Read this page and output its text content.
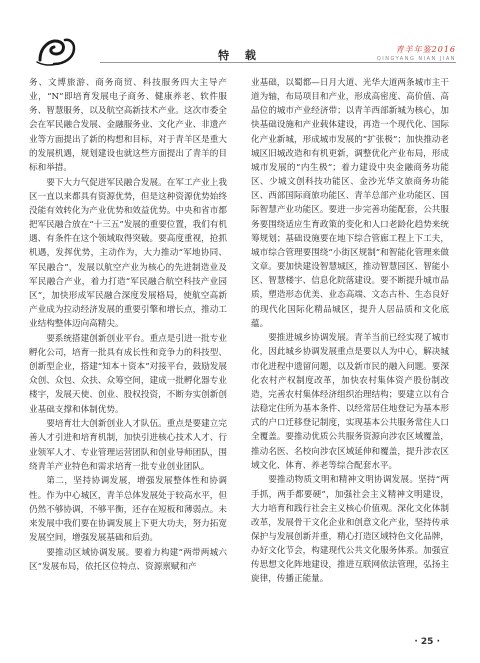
特 载	青羊年鉴2016
QINGYANG NIAN JIAN

务、文博旅游、商务商贸、科技服务四大主导产业，“N”即培育发展电子商务、健康养老、软件服务、智慧服务，以及航空高新技术产业。这次市委全会在军民融合发展、金融服务业、文化产业、非遗产业等方面提出了新的构想和目标，对于青羊区是重大的发展机遇，规划建设也就这些方面提出了青羊的目标和举措。

要下大力气促进军民融合发展。在军工产业上我区一直以来都具有资源优势，但是这种资源优势始终没能有效转化为产业优势和效益优势。中央和省市都把军民融合放在“十三五”发展的重要位置，我们有机遇、有条件在这个领域取得突破。要高度重视，抢抓机遇，发挥优势，主动作为，大力推动“军地协同、军民融合”，发展以航空产业为核心的先进制造业及军民融合产业，着力打造“军民融合航空科技产业园区”，加快形成军民融合深度发展格局，使航空高新产业成为拉动经济发展的重要引擎和增长点，推动工业结构整体迈向高精尖。

要系统搭建创新创业平台。重点是引进一批专业孵化公司，培育一批具有成长性和竞争力的科技型、创新型企业，搭建“知本＋资本”对接平台，鼓励发展众创、众包、众扶、众筹空间，建成一批孵化器专业楼宇，发展天使、创业、股权投资，不断夯实创新创业基础支撑和体制优势。

要培育壮大创新创业人才队伍。重点是要建立完善人才引进和培育机制，加快引进核心技术人才、行业领军人才、专业管理运营团队和创业导师团队，围绕青羊产业特色和需求培育一批专业创业团队。

第二，坚持协调发展，增强发展整体性和协调性。作为中心城区，青羊总体发展处于较高水平，但仍然不够协调，不够平衡，还存在短板和薄弱点。未来发展中我们要在协调发展上下更大功夫，努力拓宽发展空间，增强发展基础和后劲。

要推动区域协调发展。要着力构建“两带两城六区”发展布局，依托区位特点、资源禀赋和产

业基础，以蜀都—日月大道、光华大道两条城市主干道为轴，布局项目和产业，形成高密度、高价值、高品位的城市产业经济带；以青羊西部新城为核心，加快基础设施和产业载体建设，再造一个现代化、国际化产业新城，形成城市发展的“扩张极”；加快推动老城区旧城改造和有机更新，调整优化产业布局，形成城市发展的“内生极”；着力建设中央金融商务功能区、少城文创科技功能区、金沙光华文旅商务功能区、西部国际商旅功能区、青羊总部产业功能区、国际智慧产业功能区。要进一步完善功能配套，公共服务要围绕适应生育政策的变化和人口老龄化趋势来统筹规划；基础设施要在地下综合管廊工程上下工夫，城市综合管理要围绕“小街区规制”和智能化管理来做文章。要加快建设智慧城区，推动智慧园区、智能小区、智慧楼宇、信息化院落建设。要不断提升城市品质，塑造形态优美、业态高端、文态古朴、生态良好的现代化国际化精品城区，提升人居品质和文化底蕴。

要推进城乡协调发展。青羊当前已经实现了城市化，因此城乡协调发展重点是要以人为中心，解决城市化进程中遗留问题，以及新市民的融入问题。要深化农村产权制度改革，加快农村集体资产股份制改造，完善农村集体经济组织治理结构；要建立以有合法稳定住所为基本条件、以经常居住地登记为基本形式的户口迁移登记制度，实现基本公共服务常住人口全覆盖。要推动优质公共服务资源向涉农区域覆盖，推动名医、名校向涉农区域延伸和覆盖，提升涉农区域文化、体育、养老等综合配套水平。

要推动物质文明和精神文明协调发展。坚持“两手抓，两手都要硬”，加强社会主义精神文明建设，大力培育和践行社会主义核心价值观。深化文化体制改革，发展骨干文化企业和创意文化产业，坚持传承保护与发展创新并重，精心打造区域特色文化品牌，办好文化节会，构建现代公共文化服务体系。加强宣传思想文化阵地建设，推进互联网依法管理，弘扬主旋律，传播正能量。

· 25 ·
